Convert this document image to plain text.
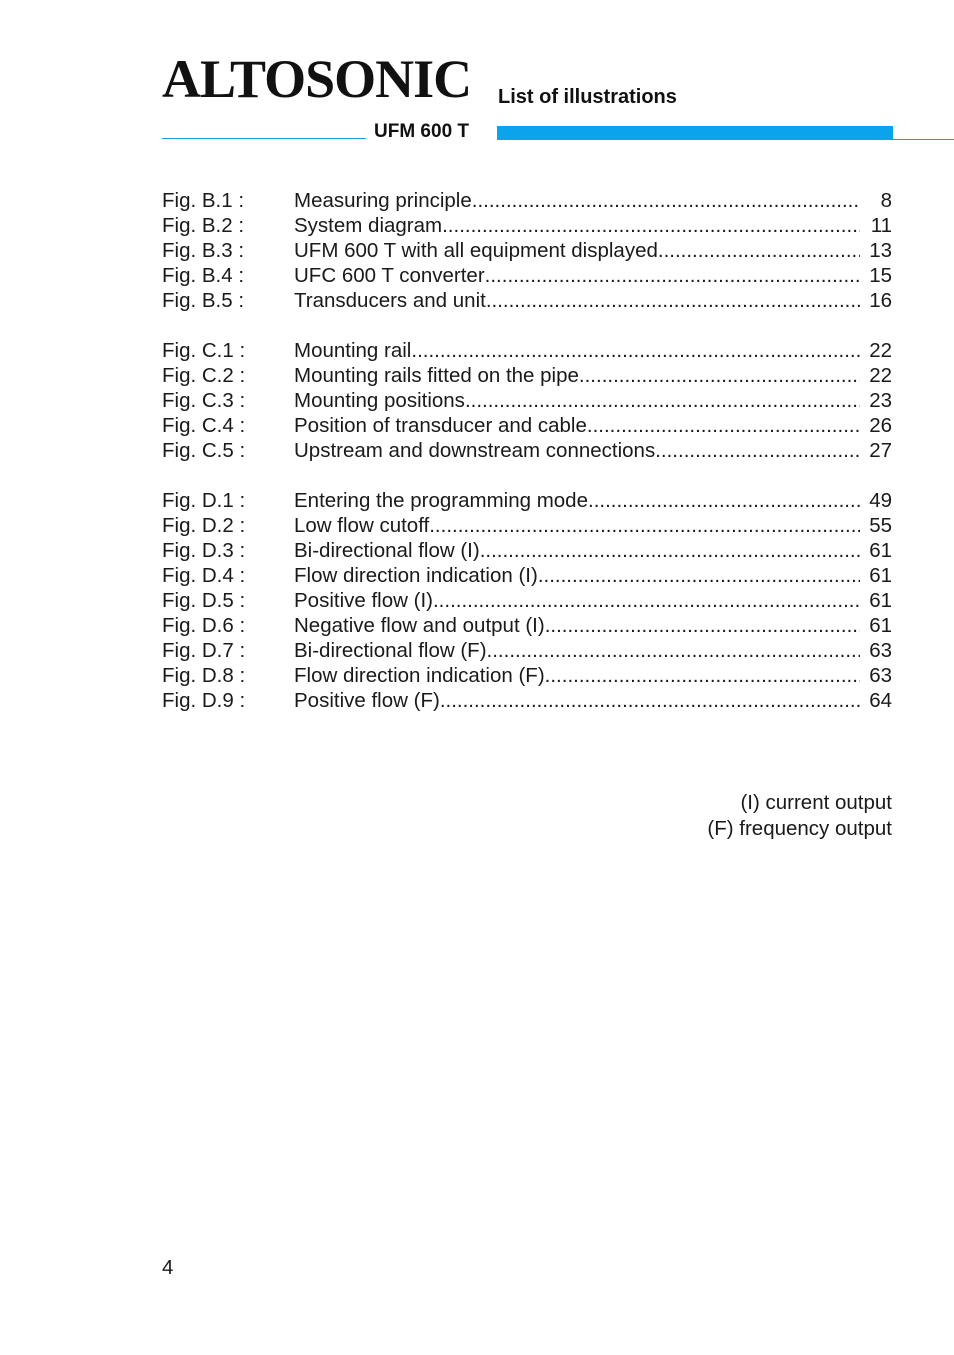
ALTOSONIC List of illustrations
UFM 600 T
Fig. B.1 :	Measuring principle .....	8
Fig. B.2 :	System diagram .....	11
Fig. B.3 :	UFM 600 T with all equipment displayed .....	13
Fig. B.4 :	UFC 600 T converter .....	15
Fig. B.5 :	Transducers and unit .....	16
Fig. C.1 :	Mounting rail .....	22
Fig. C.2 :	Mounting rails fitted on the pipe .....	22
Fig. C.3 :	Mounting positions .....	23
Fig. C.4 :	Position of transducer and cable .....	26
Fig. C.5 :	Upstream and downstream connections .....	27
Fig. D.1 :	Entering the programming mode .....	49
Fig. D.2 :	Low flow cutoff .....	55
Fig. D.3 :	Bi-directional flow (I) .....	61
Fig. D.4 :	Flow direction indication (I) .....	61
Fig. D.5 :	Positive flow (I) .....	61
Fig. D.6 :	Negative flow and output (I) .....	61
Fig. D.7 :	Bi-directional flow (F) .....	63
Fig. D.8 :	Flow direction indication (F) .....	63
Fig. D.9 :	Positive flow (F) .....	64
(I) current output
(F) frequency output
4
